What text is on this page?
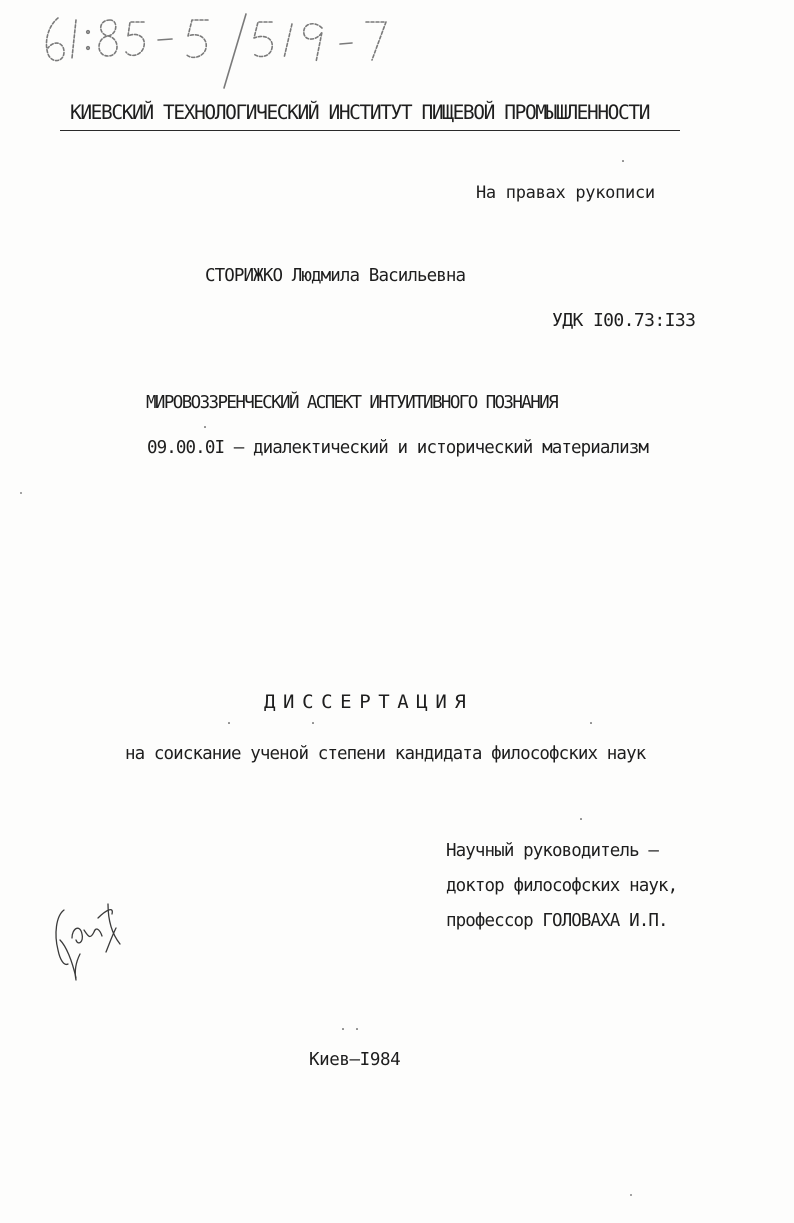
КИЕВСКИЙ ТЕХНОЛОГИЧЕСКИЙ ИНСТИТУТ ПИЩЕВОЙ ПРОМЫШЛЕННОСТИ
На правах рукописи
СТОРИЖКО Людмила Васильевна
УДК I00.73:I33
МИРОВОЗЗРЕНЧЕСКИЙ АСПЕКТ ИНТУИТИВНОГО ПОЗНАНИЯ
09.00.0I – диалектический и исторический материализм
ДИССЕРТАЦИЯ
на соискание ученой степени кандидата философских наук
Научный руководитель –
доктор философских наук,
профессор ГОЛОВАХА И.П.
Киев–I984
